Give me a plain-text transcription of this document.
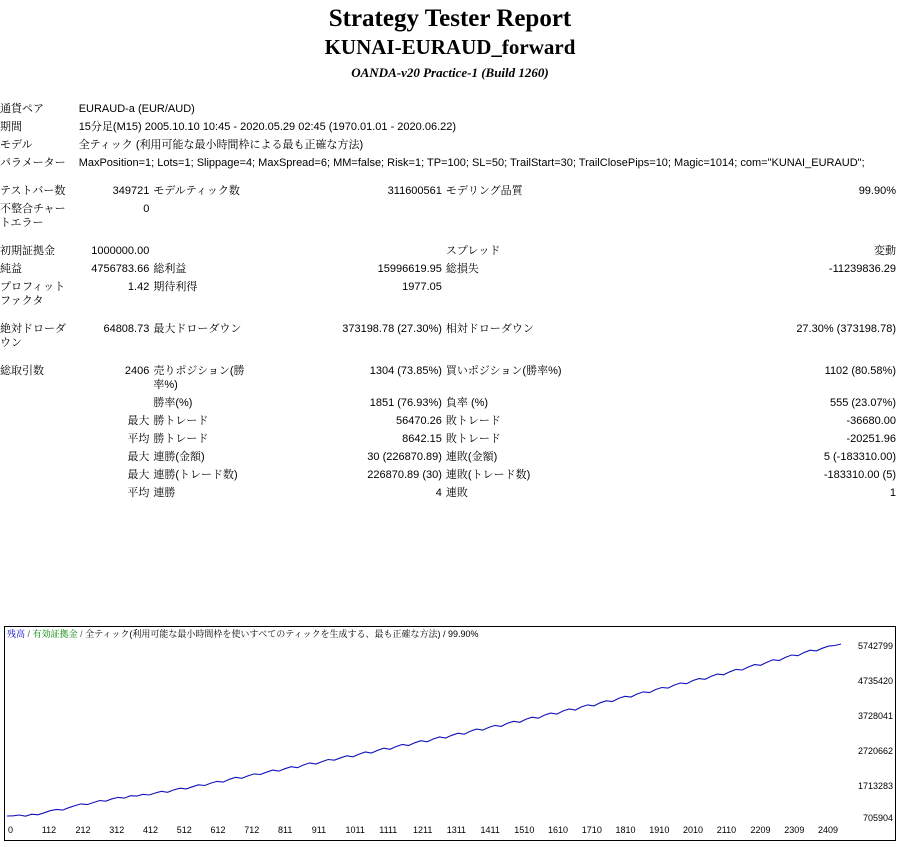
Strategy Tester Report
KUNAI-EURAUD_forward
OANDA-v20 Practice-1 (Build 1260)

通貨ペア	EURAUD-a (EUR/AUD)					
期間	15分足(M15) 2005.10.10 10:45 - 2020.05.29 02:45 (1970.01.01 - 2020.06.22)					
モデル	全ティック (利用可能な最小時間枠による最も正確な方法)					
パラメーター	MaxPosition=1; Lots=1; Slippage=4; MaxSpread=6; MM=false; Risk=1; TP=100; SL=50; TrailStart=30; TrailClosePips=10; Magic=1014; com="KUNAI_EURAUD";					

テストバー数	349721	モデルティック数	311600561	モデリング品質		99.90%
不整合チャー
トエラー	0					

初期証拠金	1000000.00			スプレッド		変動
純益	4756783.66	総利益	15996619.95	総損失		-11239836.29
プロフィット
ファクタ	1.42	期待利得	1977.05			

絶対ドローダ
ウン	64808.73	最大ドローダウン	373198.78 (27.30%)	相対ドローダウン		27.30% (373198.78)

総取引数	2406	売りポジション(勝率%)	1304 (73.85%)	買いポジション(勝率%)		1102 (80.58%)
		勝率(%)	1851 (76.93%)	負率 (%)		555 (23.07%)
	最大	勝トレード	56470.26	敗トレード		-36680.00
	平均	勝トレード	8642.15	敗トレード		-20251.96
	最大	連勝(金額)	30 (226870.89)	連敗(金額)		5 (-183310.00)
	最大	連勝(トレード数)	226870.89 (30)	連敗(トレード数)		-183310.00 (5)
	平均	連勝	4	連敗		1
残高 / 有効証拠金 / 全ティック(利用可能な最小時間枠を使いすべてのティックを生成する、最も正確な方法) / 99.90%
5742799
4735420
3728041
2720662
1713283
705904
0	112 212 312 412 512 612 712 811 911 1011 1111 1211 1311 1411 1510 1610 1710 1810 1910 2010 2110 2209 2309 2409
